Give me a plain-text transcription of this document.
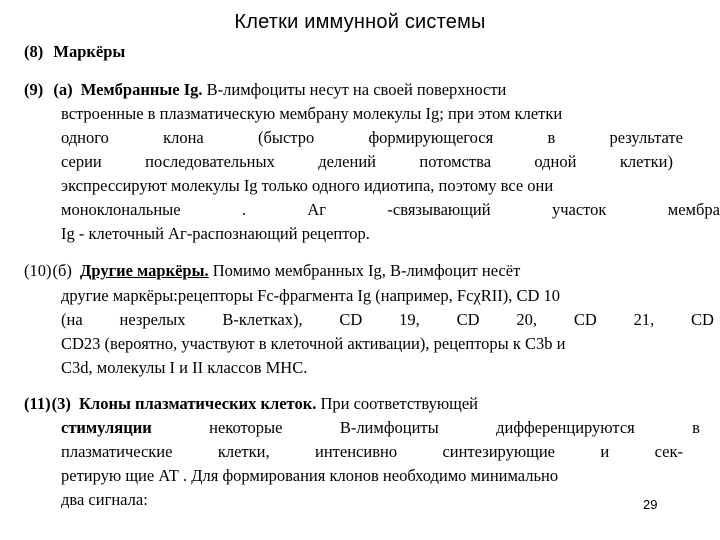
Клетки иммунной системы
(8) Маркёры
(9) (а) Мембранные Ig. В-лимфоциты несут на своей поверхности
встроенные в плазматическую мембрану молекулы Ig; при этом клетки
одного	клона	(быстро	формирующегося	в	результате
серии	последовательных	делений	потомства	одной	клетки)
экспрессируют молекулы Ig только одного идиотипа, поэтому все они
моноклональные	.	Аг	-связывающий	участок	мембра
Ig - клеточный Аг-распознающий рецептор.
(10)(б) Другие маркёры. Помимо мембранных Ig, В-лимфоцит несёт
другие маркёры:рецепторы Fc-фрагмента Ig (например, FcχRII), CD 10
(на незрелых В-клетках), CD 19, CD 20, CD 21, CD
CD23 (вероятно, участвуют в клеточной активации), рецепторы к C3b и
C3d, молекулы I и II классов МНС.
(11)(3) Клоны плазматических клеток. При соответствующей
стимуляции	некоторые	В-лимфоциты	дифференцируются	в
плазматические	клетки,	интенсивно	синтезирующие	и	сек-
ретирую щие АТ . Для формирования клонов необходимо минимально
два сигнала:	29
